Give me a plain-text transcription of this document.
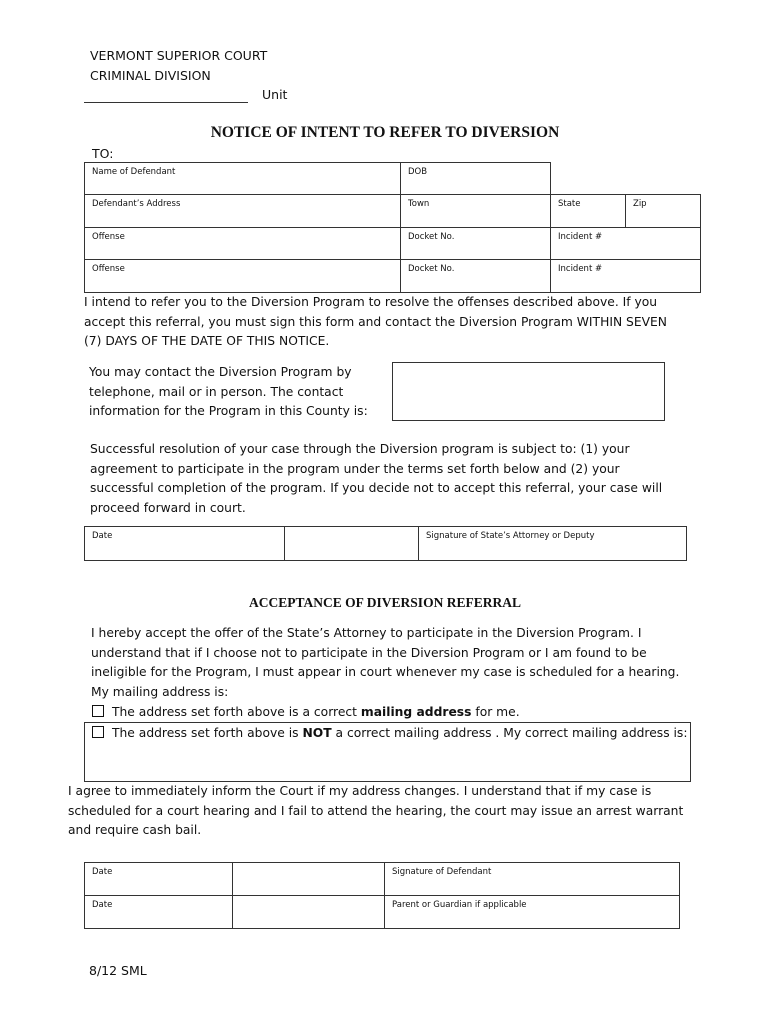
VERMONT SUPERIOR COURT
CRIMINAL DIVISION
Unit
NOTICE OF INTENT TO REFER TO DIVERSION
TO:
Name of Defendant	DOB
Defendant’s Address	Town	State	Zip
Offense	Docket No.	Incident #
Offense	Docket No.	Incident #
I intend to refer you to the Diversion Program to resolve the offenses described above. If you
accept this referral, you must sign this form and contact the Diversion Program WITHIN SEVEN
(7) DAYS OF THE DATE OF THIS NOTICE.
You may contact the Diversion Program by
telephone, mail or in person. The contact
information for the Program in this County is:
Successful resolution of your case through the Diversion program is subject to: (1) your
agreement to participate in the program under the terms set forth below and (2) your
successful completion of the program. If you decide not to accept this referral, your case will
proceed forward in court.
Date	Signature of State’s Attorney or Deputy
ACCEPTANCE OF DIVERSION REFERRAL
I hereby accept the offer of the State’s Attorney to participate in the Diversion Program. I
understand that if I choose not to participate in the Diversion Program or I am found to be
ineligible for the Program, I must appear in court whenever my case is scheduled for a hearing.
My mailing address is:
The address set forth above is a correct mailing address for me.
The address set forth above is NOT a correct mailing address . My correct mailing address is:
I agree to immediately inform the Court if my address changes. I understand that if my case is
scheduled for a court hearing and I fail to attend the hearing, the court may issue an arrest warrant
and require cash bail.
Date	Signature of Defendant
Date	Parent or Guardian if applicable
8/12 SML
